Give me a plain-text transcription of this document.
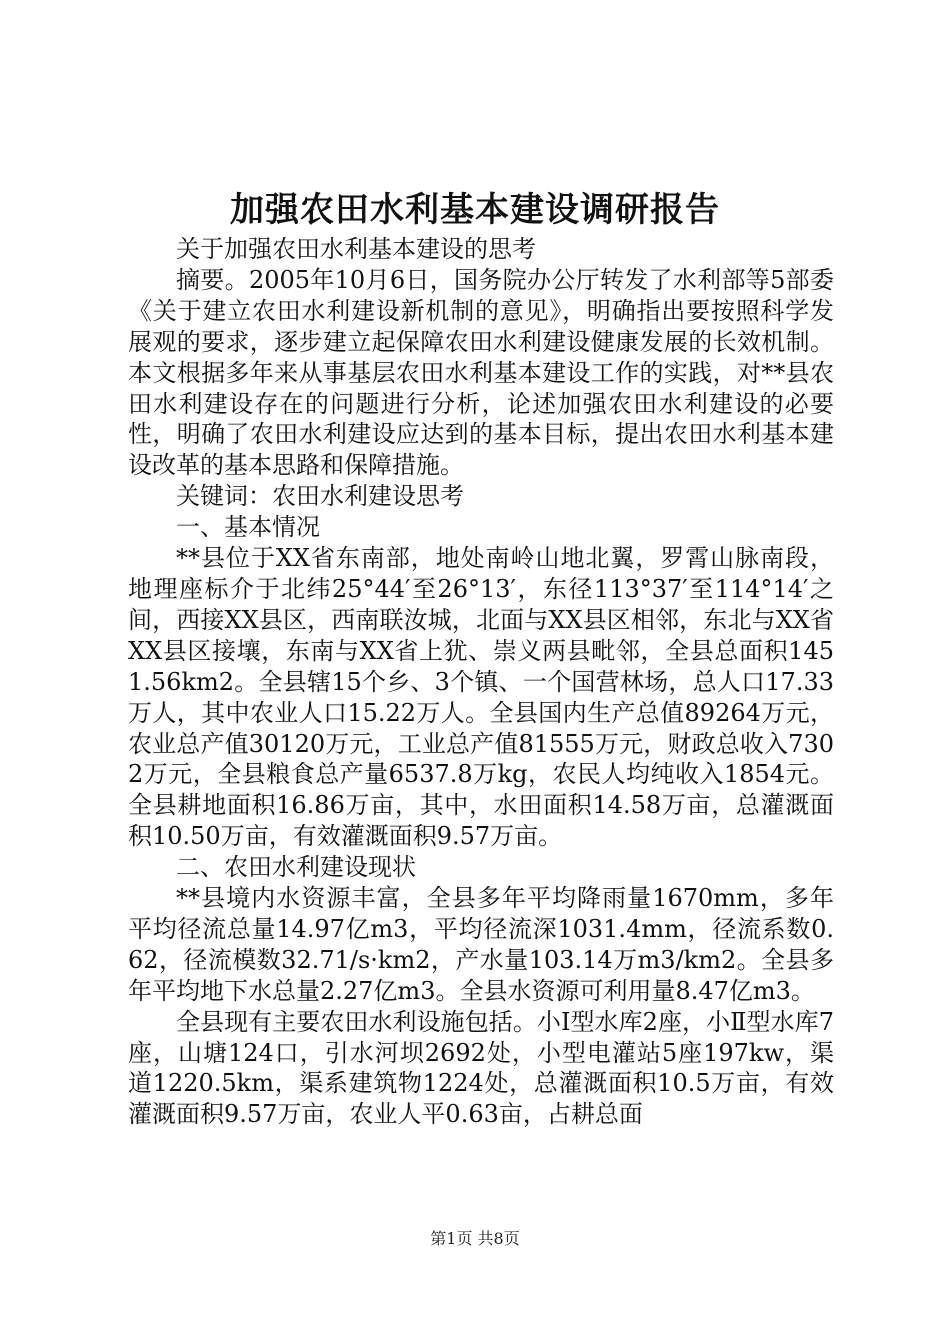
加强农田水利基本建设调研报告

关于加强农田水利基本建设的思考

摘要。2005年10月6日，国务院办公厅转发了水利部等5部委《关于建立农田水利建设新机制的意见》，明确指出要按照科学发展观的要求，逐步建立起保障农田水利建设健康发展的长效机制。本文根据多年来从事基层农田水利基本建设工作的实践，对**县农田水利建设存在的问题进行分析，论述加强农田水利建设的必要性，明确了农田水利建设应达到的基本目标，提出农田水利基本建设改革的基本思路和保障措施。

关键词：农田水利建设思考

一、基本情况

**县位于XX省东南部，地处南岭山地北翼，罗霄山脉南段，地理座标介于北纬25°44′至26°13′，东径113°37′至114°14′之间，西接XX县区，西南联汝城，北面与XX县区相邻，东北与XX省XX县区接壤，东南与XX省上犹、崇义两县毗邻，全县总面积1451.56km2。全县辖15个乡、3个镇、一个国营林场，总人口17.33万人，其中农业人口15.22万人。全县国内生产总值89264万元，农业总产值30120万元，工业总产值81555万元，财政总收入7302万元，全县粮食总产量6537.8万kg，农民人均纯收入1854元。全县耕地面积16.86万亩，其中，水田面积14.58万亩，总灌溉面积10.50万亩，有效灌溉面积9.57万亩。

二、农田水利建设现状

**县境内水资源丰富，全县多年平均降雨量1670mm，多年平均径流总量14.97亿m3，平均径流深1031.4mm，径流系数0.62，径流模数32.71/s·km2，产水量103.14万m3/km2。全县多年平均地下水总量2.27亿m3。全县水资源可利用量8.47亿m3。

全县现有主要农田水利设施包括。小Ⅰ型水库2座，小Ⅱ型水库7座，山塘124口，引水河坝2692处，小型电灌站5座197kw，渠道1220.5km，渠系建筑物1224处，总灌溉面积10.5万亩，有效灌溉面积9.57万亩，农业人平0.63亩，占耕总面

第1页 共8页
